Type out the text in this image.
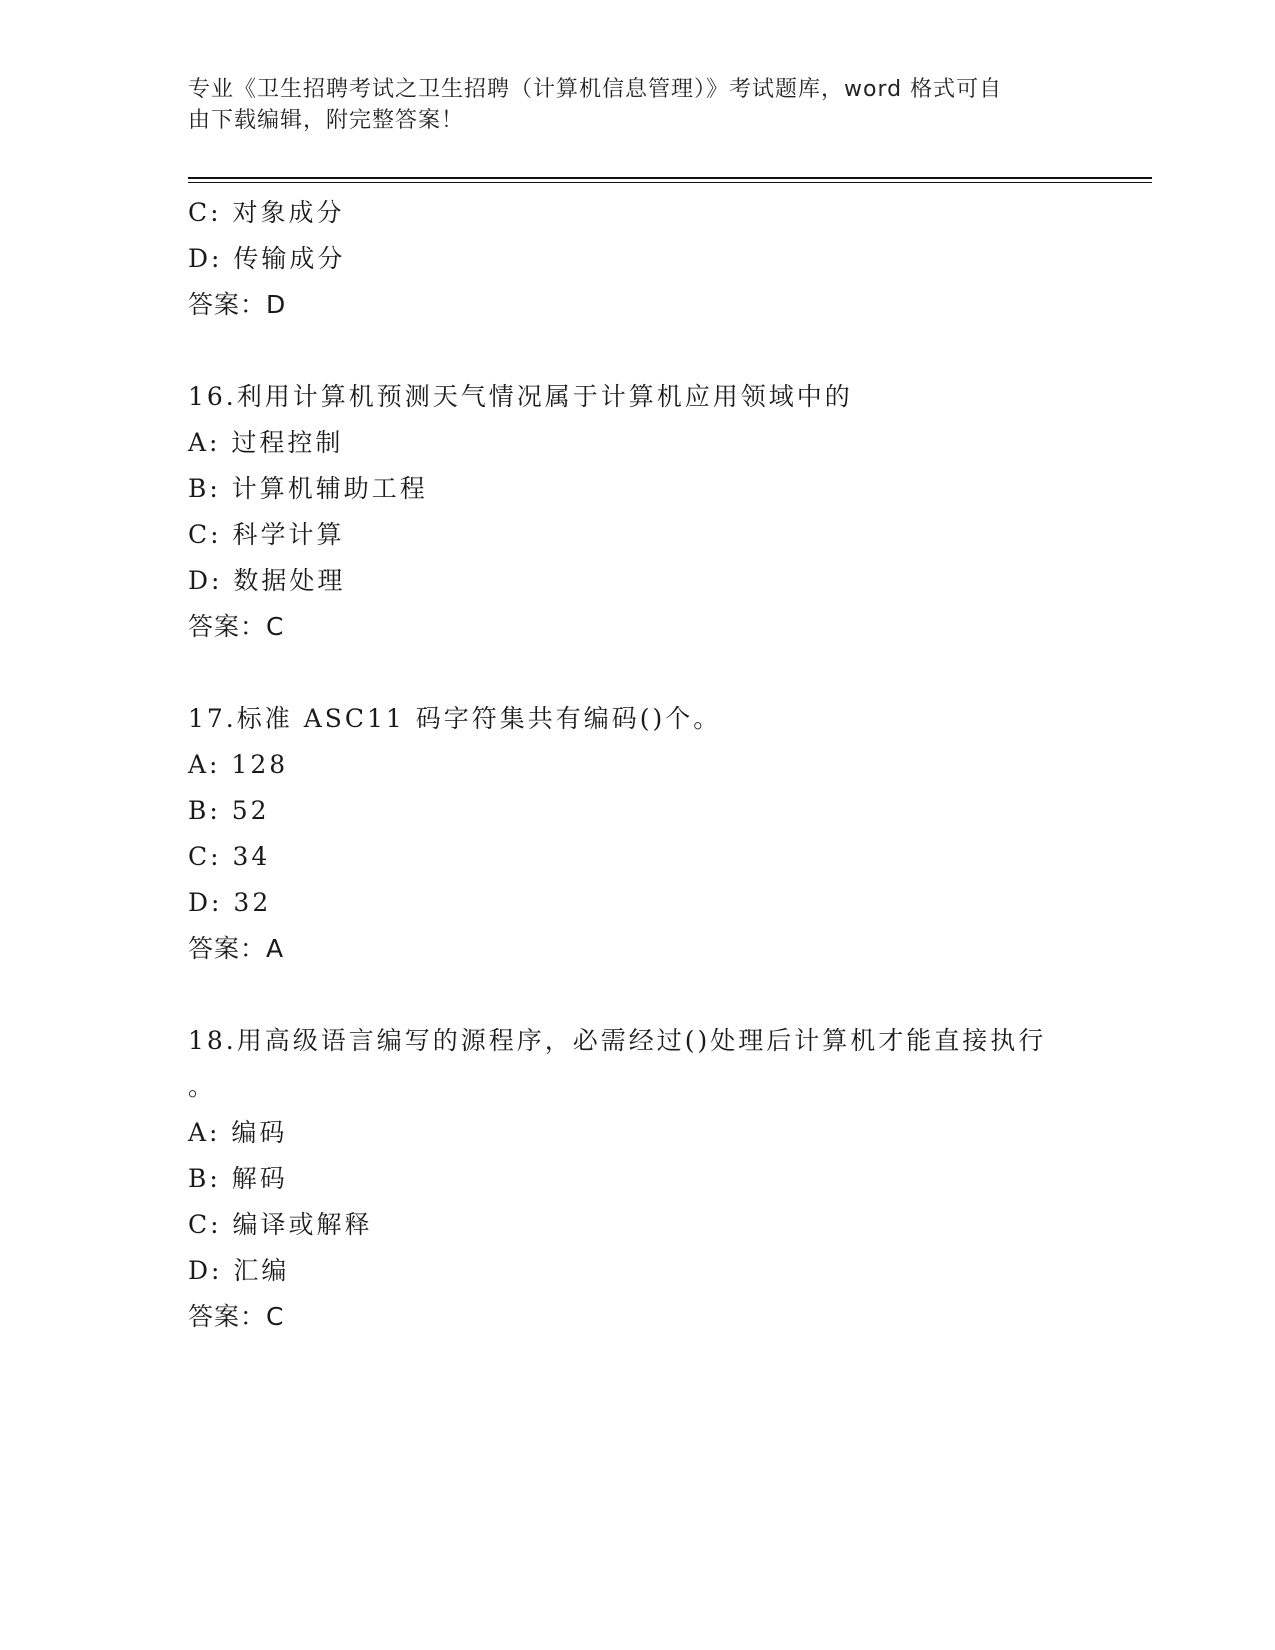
专业《卫生招聘考试之卫生招聘（计算机信息管理）》考试题库，word 格式可自
由下载编辑，附完整答案！
C: 对象成分
D: 传输成分
答案：D
16.利用计算机预测天气情况属于计算机应用领域中的
A: 过程控制
B: 计算机辅助工程
C: 科学计算
D: 数据处理
答案：C
17.标准 ASC11 码字符集共有编码()个。
A: 128
B: 52
C: 34
D: 32
答案：A
18.用高级语言编写的源程序，必需经过()处理后计算机才能直接执行
。
A: 编码
B: 解码
C: 编译或解释
D: 汇编
答案：C
